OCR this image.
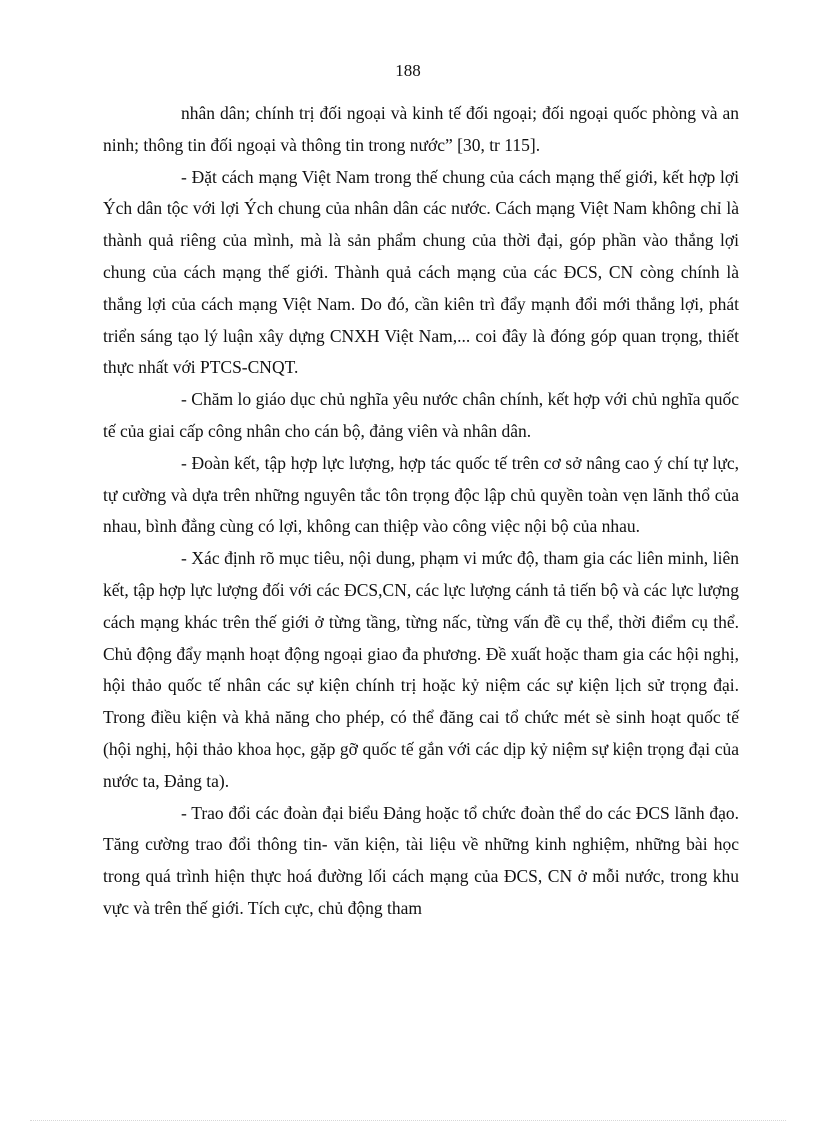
188

nhân dân; chính trị đối ngoại và kinh tế đối ngoại; đối ngoại quốc phòng và an ninh; thông tin đối ngoại và thông tin trong nước” [30, tr 115].

- Đặt cách mạng Việt Nam trong thế chung của cách mạng thế giới, kết hợp lợi Ých dân tộc với lợi Ých chung của nhân dân các nước. Cách mạng Việt Nam không chỉ là thành quả riêng của mình, mà là sản phẩm chung của thời đại, góp phần vào thắng lợi chung của cách mạng thế giới. Thành quả cách mạng của các ĐCS, CN còng chính là thắng lợi của cách mạng Việt Nam. Do đó, cần kiên trì đẩy mạnh đổi mới thắng lợi, phát triển sáng tạo lý luận xây dựng CNXH Việt Nam,... coi đây là đóng góp quan trọng, thiết thực nhất với PTCS-CNQT.

- Chăm lo giáo dục chủ nghĩa yêu nước chân chính, kết hợp với chủ nghĩa quốc tế của giai cấp công nhân cho cán bộ, đảng viên và nhân dân.

- Đoàn kết, tập hợp lực lượng, hợp tác quốc tế trên cơ sở nâng cao ý chí tự lực, tự cường và dựa trên những nguyên tắc tôn trọng độc lập chủ quyền toàn vẹn lãnh thổ của nhau, bình đẳng cùng có lợi, không can thiệp vào công việc nội bộ của nhau.

- Xác định rõ mục tiêu, nội dung, phạm vi mức độ, tham gia các liên minh, liên kết, tập hợp lực lượng đối với các ĐCS,CN, các lực lượng cánh tả tiến bộ và các lực lượng cách mạng khác trên thế giới ở từng tầng, từng nấc, từng vấn đề cụ thể, thời điểm cụ thể. Chủ động đẩy mạnh hoạt động ngoại giao đa phương. Đề xuất hoặc tham gia các hội nghị, hội thảo quốc tế nhân các sự kiện chính trị hoặc kỷ niệm các sự kiện lịch sử trọng đại. Trong điều kiện và khả năng cho phép, có thể đăng cai tổ chức mét sè sinh hoạt quốc tế (hội nghị, hội thảo khoa học, gặp gỡ quốc tế gắn với các dịp kỷ niệm sự kiện trọng đại của nước ta, Đảng ta).

- Trao đổi các đoàn đại biểu Đảng hoặc tổ chức đoàn thể do các ĐCS lãnh đạo. Tăng cường trao đổi thông tin- văn kiện, tài liệu về những kinh nghiệm, những bài học trong quá trình hiện thực hoá đường lối cách mạng của ĐCS, CN ở mỗi nước, trong khu vực và trên thế giới. Tích cực, chủ động tham
